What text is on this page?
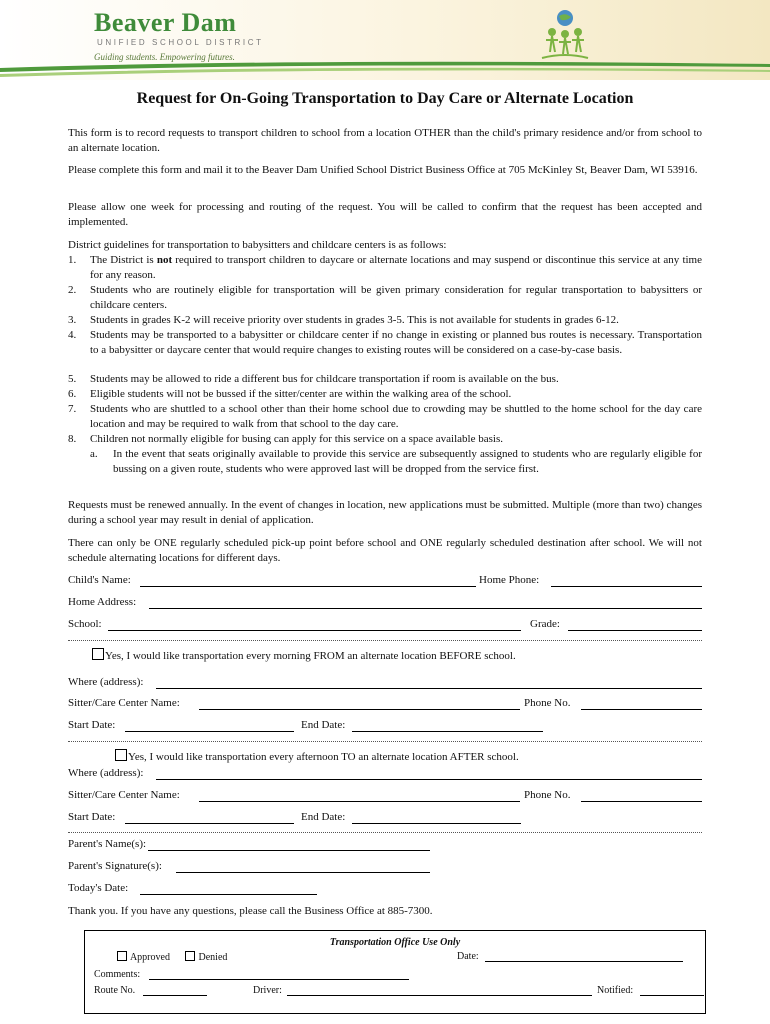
Beaver Dam
UNIFIED SCHOOL DISTRICT
Guiding students. Empowering futures.
Request for On-Going Transportation to Day Care or Alternate Location

This form is to record requests to transport children to school from a location OTHER than the child's primary residence and/or from school to an alternate location.

Please complete this form and mail it to the Beaver Dam Unified School District Business Office at 705 McKinley St, Beaver Dam, WI 53916.

Please allow one week for processing and routing of the request. You will be called to confirm that the request has been accepted and implemented.

District guidelines for transportation to babysitters and childcare centers is as follows:

1. The District is not required to transport children to daycare or alternate locations and may suspend or discontinue this service at any time for any reason.
2. Students who are routinely eligible for transportation will be given primary consideration for regular transportation to babysitters or childcare centers.
3. Students in grades K-2 will receive priority over students in grades 3-5. This is not available for students in grades 6-12.
4. Students may be transported to a babysitter or childcare center if no change in existing or planned bus routes is necessary. Transportation to a babysitter or daycare center that would require changes to existing routes will be considered on a case-by-case basis.
5. Students may be allowed to ride a different bus for childcare transportation if room is available on the bus.
6. Eligible students will not be bussed if the sitter/center are within the walking area of the school.
7. Students who are shuttled to a school other than their home school due to crowding may be shuttled to the home school for the day care location and may be required to walk from that school to the day care.
8. Children not normally eligible for busing can apply for this service on a space available basis.
a. In the event that seats originally available to provide this service are subsequently assigned to students who are regularly eligible for bussing on a given route, students who were approved last will be dropped from the service first.

Requests must be renewed annually. In the event of changes in location, new applications must be submitted. Multiple (more than two) changes during a school year may result in denial of application.

There can only be ONE regularly scheduled pick-up point before school and ONE regularly scheduled destination after school. We will not schedule alternating locations for different days.

Child's Name:	Home Phone:
Home Address:
School:	Grade:
Yes, I would like transportation every morning FROM an alternate location BEFORE school.
Where (address):
Sitter/Care Center Name:	Phone No.
Start Date:	End Date:
Yes, I would like transportation every afternoon TO an alternate location AFTER school.
Where (address):
Sitter/Care Center Name:	Phone No.
Start Date:	End Date:
Parent's Name(s):
Parent's Signature(s):
Today's Date:

Thank you. If you have any questions, please call the Business Office at 885-7300.

Transportation Office Use Only
Approved	Denied	Date:
Comments:
Route No.	Driver:	Notified:
